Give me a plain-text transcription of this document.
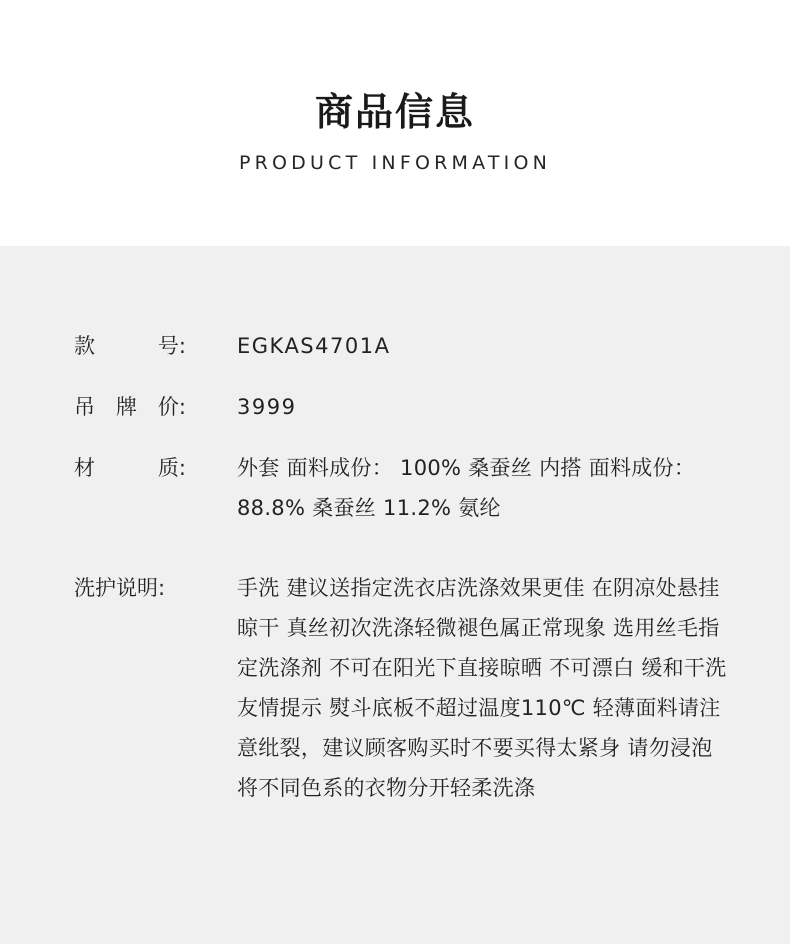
商品信息
PRODUCT INFORMATION
款	号: EGKAS4701A
吊 牌 价: 3999
材	质: 外套 面料成份： 100% 桑蚕丝 内搭 面料成份： 88.8% 桑蚕丝 11.2% 氨纶
洗护说明:	手洗 建议送指定洗衣店洗涤效果更佳 在阴凉处悬挂晾干 真丝初次洗涤轻微褪色属正常现象 选用丝毛指定洗涤剂 不可在阳光下直接晾晒 不可漂白 缓和干洗 友情提示 熨斗底板不超过温度110℃ 轻薄面料请注意纰裂，建议顾客购买时不要买得太紧身 请勿浸泡 将不同色系的衣物分开轻柔洗涤
